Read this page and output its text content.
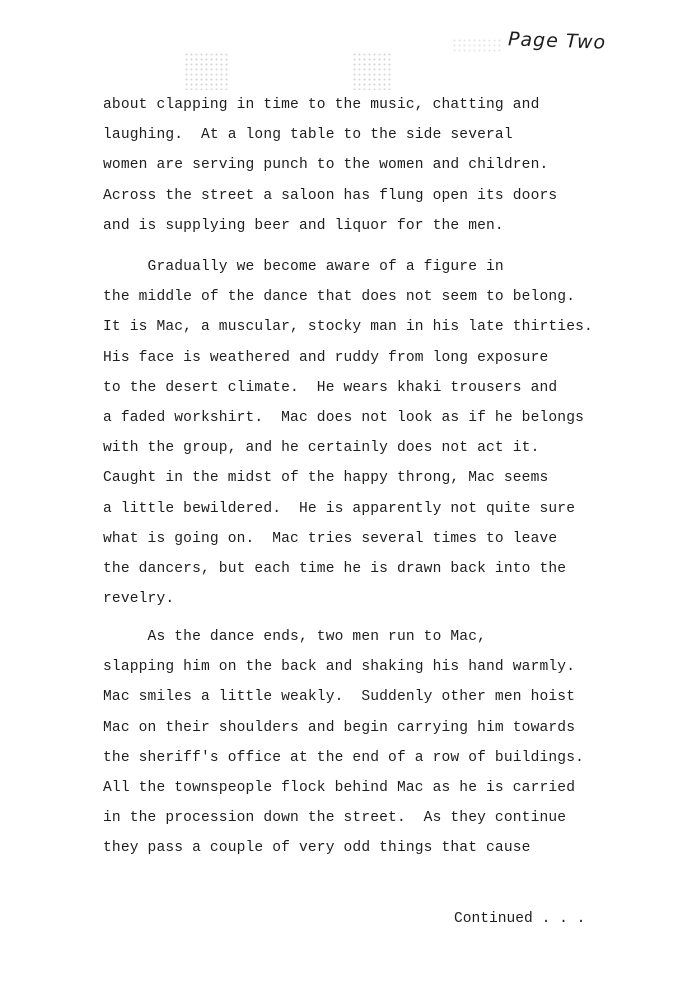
Page Two
about clapping in time to the music, chatting and
laughing.  At a long table to the side several
women are serving punch to the women and children.
Across the street a saloon has flung open its doors
and is supplying beer and liquor for the men.
Gradually we become aware of a figure in
the middle of the dance that does not seem to belong.
It is Mac, a muscular, stocky man in his late thirties.
His face is weathered and ruddy from long exposure
to the desert climate.  He wears khaki trousers and
a faded workshirt.  Mac does not look as if he belongs
with the group, and he certainly does not act it.
Caught in the midst of the happy throng, Mac seems
a little bewildered.  He is apparently not quite sure
what is going on.  Mac tries several times to leave
the dancers, but each time he is drawn back into the
revelry.
As the dance ends, two men run to Mac,
slapping him on the back and shaking his hand warmly.
Mac smiles a little weakly.  Suddenly other men hoist
Mac on their shoulders and begin carrying him towards
the sheriff's office at the end of a row of buildings.
All the townspeople flock behind Mac as he is carried
in the procession down the street.  As they continue
they pass a couple of very odd things that cause
Continued . . .
